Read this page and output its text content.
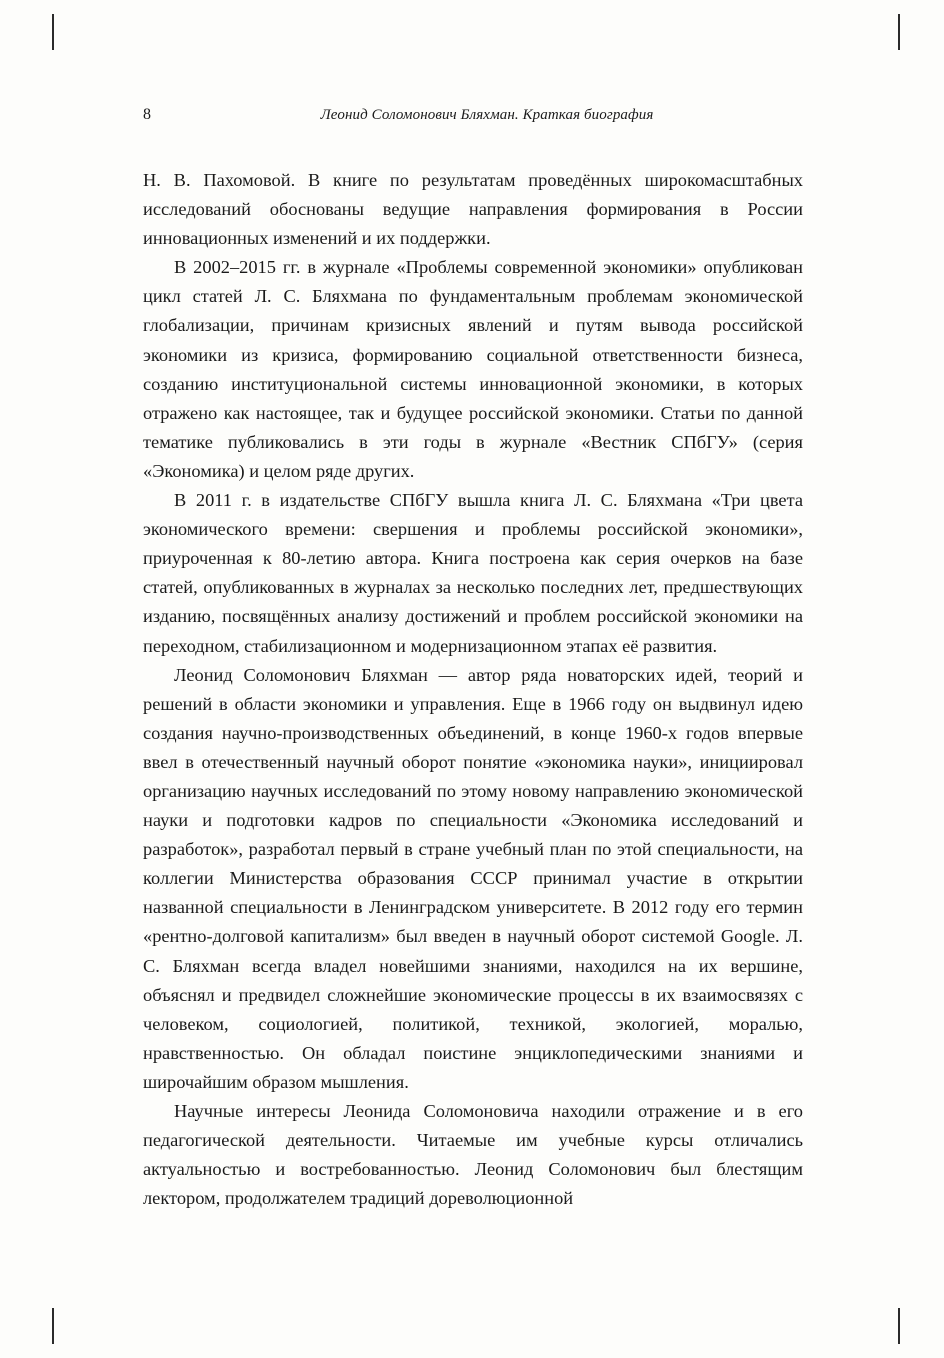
8	Леонид Соломонович Бляхман. Краткая биография

Н. В. Пахомовой. В книге по результатам проведённых широкомасштабных исследований обоснованы ведущие направления формирования в России инновационных изменений и их поддержки.

В 2002–2015 гг. в журнале «Проблемы современной экономики» опубликован цикл статей Л. С. Бляхмана по фундаментальным проблемам экономической глобализации, причинам кризисных явлений и путям вывода российской экономики из кризиса, формированию социальной ответственности бизнеса, созданию институциональной системы инновационной экономики, в которых отражено как настоящее, так и будущее российской экономики. Статьи по данной тематике публиковались в эти годы в журнале «Вестник СПбГУ» (серия «Экономика) и целом ряде других.

В 2011 г. в издательстве СПбГУ вышла книга Л. С. Бляхмана «Три цвета экономического времени: свершения и проблемы российской экономики», приуроченная к 80-летию автора. Книга построена как серия очерков на базе статей, опубликованных в журналах за несколько последних лет, предшествующих изданию, посвящённых анализу достижений и проблем российской экономики на переходном, стабилизационном и модернизационном этапах её развития.

Леонид Соломонович Бляхман — автор ряда новаторских идей, теорий и решений в области экономики и управления. Еще в 1966 году он выдвинул идею создания научно-производственных объединений, в конце 1960-х годов впервые ввел в отечественный научный оборот понятие «экономика науки», инициировал организацию научных исследований по этому новому направлению экономической науки и подготовки кадров по специальности «Экономика исследований и разработок», разработал первый в стране учебный план по этой специальности, на коллегии Министерства образования СССР принимал участие в открытии названной специальности в Ленинградском университете. В 2012 году его термин «рентно-долговой капитализм» был введен в научный оборот системой Google. Л. С. Бляхман всегда владел новейшими знаниями, находился на их вершине, объяснял и предвидел сложнейшие экономические процессы в их взаимосвязях с человеком, социологией, политикой, техникой, экологией, моралью, нравственностью. Он обладал поистине энциклопедическими знаниями и широчайшим образом мышления.

Научные интересы Леонида Соломоновича находили отражение и в его педагогической деятельности. Читаемые им учебные курсы отличались актуальностью и востребованностью. Леонид Соломонович был блестящим лектором, продолжателем традиций дореволюционной
